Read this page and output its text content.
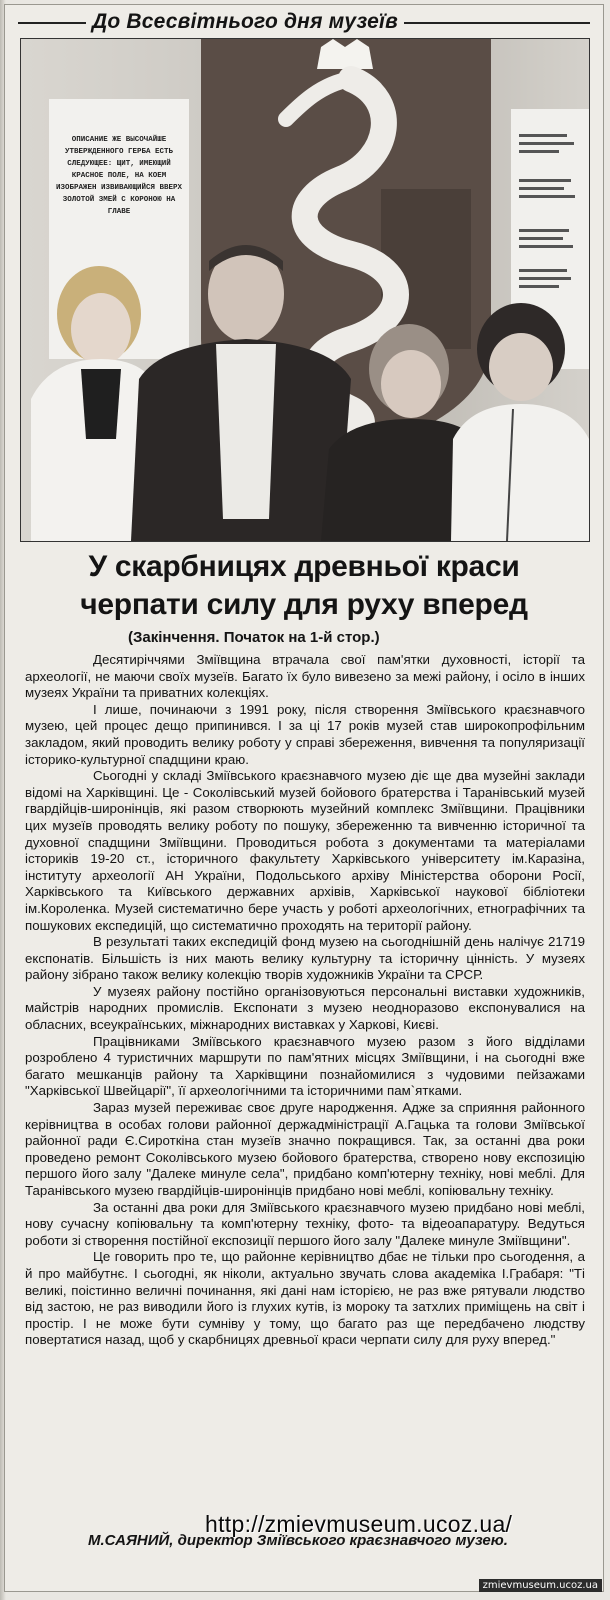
До Всесвітнього дня музеїв
ОПИСАНИЕ ЖЕ ВЫСОЧАЙШЕ УТВЕРЖДЕННОГО ГЕРБА ЕСТЬ СЛЕДУЮЩЕЕ: ЩИТ, ИМЕЮЩИЙ КРАСНОЕ ПОЛЕ, НА КОЕМ ИЗОБРАЖЕН ИЗВИВАЮЩИЙСЯ ВВЕРХ ЗОЛОТОЙ ЗМЕЙ С КОРОНОЮ НА ГЛАВЕ
У скарбницях древньої краси
черпати силу для руху вперед
(Закінчення. Початок на 1-й стор.)

Десятиріччями Зміївщина втрачала свої пам'ятки духовності, історії та археології, не маючи своїх музеїв. Багато їх було вивезено за межі району, і осіло в інших музеях України та приватних колекціях.

І лише, починаючи з 1991 року, після створення Зміївського краєзнавчого музею, цей процес дещо припинився. І за ці 17 років музей став широкопрофільним закладом, який проводить велику роботу у справі збереження, вивчення та популяризації історико-культурної спадщини краю.

Сьогодні у складі Зміївського краєзнавчого музею діє ще два музейні заклади відомі на Харківщині. Це - Соколівський музей бойового братерства і Таранівський музей гвардійців-широнінців, які разом створюють музейний комплекс Зміївщини. Працівники цих музеїв проводять велику роботу по пошуку, збереженню та вивченню історичної та духовної спадщини Зміївщини. Проводиться робота з документами та матеріалами істориків 19-20 ст., історичного факультету Харківського університету ім.Каразіна, інституту археології АН України, Подольського архіву Міністерства оборони Росії, Харківського та Київського державних архівів, Харківської наукової бібліотеки ім.Короленка. Музей систематично бере участь у роботі археологічних, етнографічних та пошукових експедицій, що систематично проходять на території району.

В результаті таких експедицій фонд музею на сьогоднішній день налічує 21719 експонатів. Більшість із них мають велику культурну та історичну цінність. У музеях району зібрано також велику колекцію творів художників України та СРСР.

У музеях району постійно організовуються персональні виставки художників, майстрів народних промислів. Експонати з музею неодноразово експонувалися на обласних, всеукраїнських, міжнародних виставках у Харкові, Києві.

Працівниками Зміївського краєзнавчого музею разом з його відділами розроблено 4 туристичних маршрути по пам'ятних місцях Зміївщини, і на сьогодні вже багато мешканців району та Харківщини познайомилися з чудовими пейзажами "Харківської Швейцарії", її археологічними та історичними пам`ятками.

Зараз музей переживає своє друге народження. Адже за сприяння районного керівництва в особах голови районної держадміністрації А.Гацька та голови Зміївської районної ради Є.Сироткіна стан музеїв значно покращився. Так, за останні два роки проведено ремонт Соколівського музею бойового братерства, створено нову експозицію першого його залу "Далеке минуле села", придбано комп'ютерну техніку, нові меблі. Для Таранівського музею гвардійців-широнінців придбано нові меблі, копіювальну техніку.

За останні два роки для Зміївського краєзнавчого музею придбано нові меблі, нову сучасну копіювальну та комп'ютерну техніку, фото- та відеоапаратуру. Ведуться роботи зі створення постійної експозиції першого його залу "Далеке минуле Зміївщини".

Це говорить про те, що районне керівництво дбає не тільки про сьогодення, а й про майбутнє. І сьогодні, як ніколи, актуально звучать слова академіка І.Грабаря: "Ті великі, поістинно величні починання, які дані нам історією, не раз вже рятували людство від застою, не раз виводили його із глухих кутів, із мороку та затхлих приміщень на світ і простір. І не може бути сумніву у тому, що багато раз ще передбачено людству повертатися назад, щоб у скарбницях древньої краси черпати силу для руху вперед."

http://zmievmuseum.ucoz.ua/
М.САЯНИЙ, директор Зміївського краєзнавчого музею.
zmievmuseum.ucoz.ua
